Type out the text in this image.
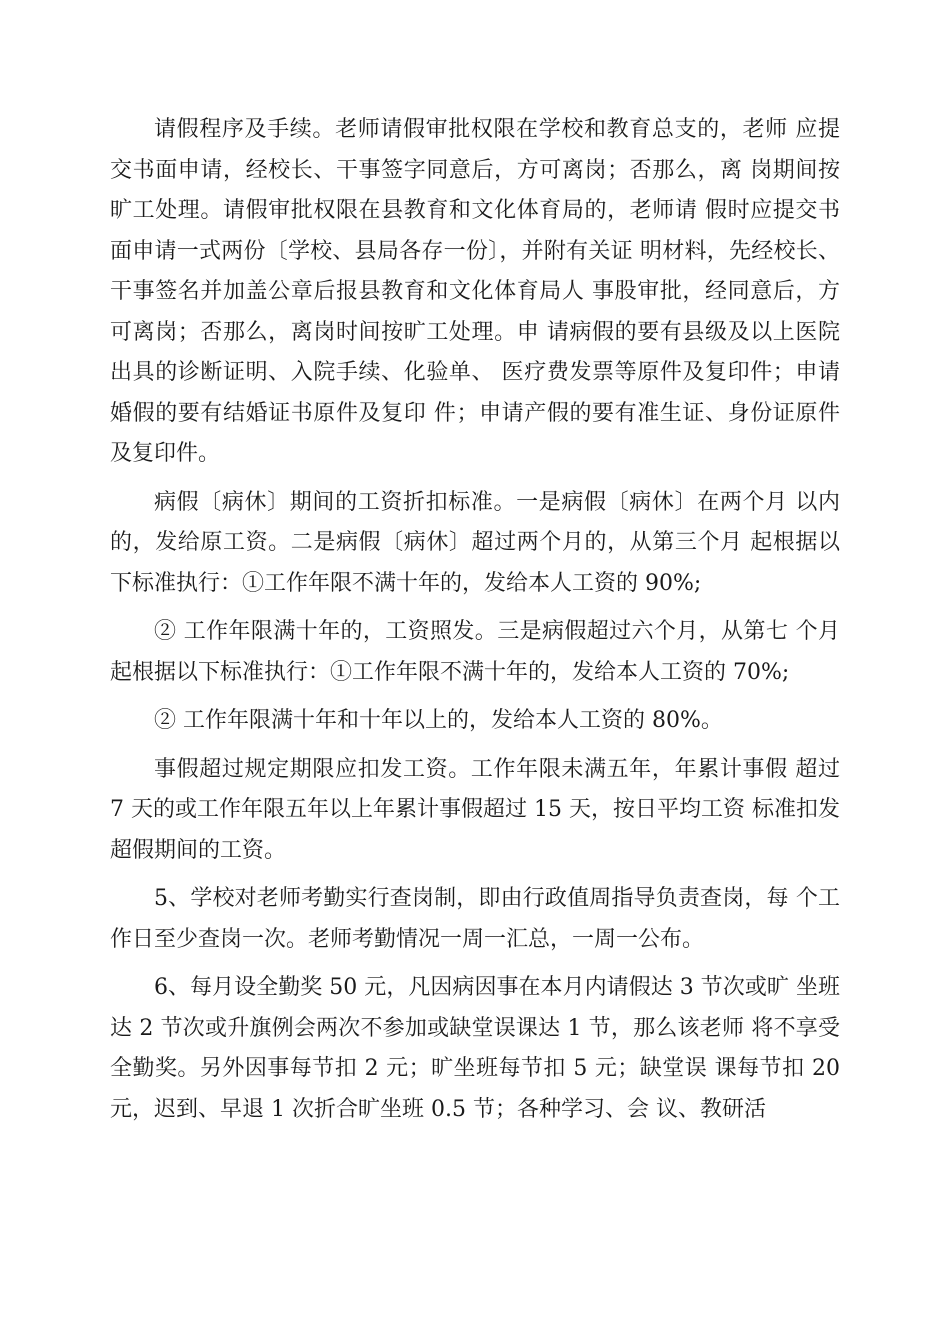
请假程序及手续。老师请假审批权限在学校和教育总支的，老师 应提交书面申请，经校长、干事签字同意后，方可离岗；否那么，离 岗期间按旷工处理。请假审批权限在县教育和文化体育局的，老师请 假时应提交书面申请一式两份〔学校、县局各存一份〕，并附有关证 明材料，先经校长、干事签名并加盖公章后报县教育和文化体育局人 事股审批，经同意后，方可离岗；否那么，离岗时间按旷工处理。申 请病假的要有县级及以上医院出具的诊断证明、入院手续、化验单、 医疗费发票等原件及复印件；申请婚假的要有结婚证书原件及复印 件；申请产假的要有准生证、身份证原件及复印件。

病假〔病休〕期间的工资折扣标准。一是病假〔病休〕在两个月 以内的，发给原工资。二是病假〔病休〕超过两个月的，从第三个月 起根据以下标准执行：①工作年限不满十年的，发给本人工资的 90%;

② 工作年限满十年的，工资照发。三是病假超过六个月，从第七 个月起根据以下标准执行：①工作年限不满十年的，发给本人工资的 70%;

② 工作年限满十年和十年以上的，发给本人工资的 80%。

事假超过规定期限应扣发工资。工作年限未满五年，年累计事假 超过 7 天的或工作年限五年以上年累计事假超过 15 天，按日平均工资 标准扣发超假期间的工资。

5、学校对老师考勤实行查岗制，即由行政值周指导负责查岗，每 个工作日至少查岗一次。老师考勤情况一周一汇总，一周一公布。

6、每月设全勤奖 50 元，凡因病因事在本月内请假达 3 节次或旷 坐班达 2 节次或升旗例会两次不参加或缺堂误课达 1 节，那么该老师 将不享受全勤奖。另外因事每节扣 2 元；旷坐班每节扣 5 元；缺堂误 课每节扣 20 元，迟到、早退 1 次折合旷坐班 0.5 节；各种学习、会 议、教研活
